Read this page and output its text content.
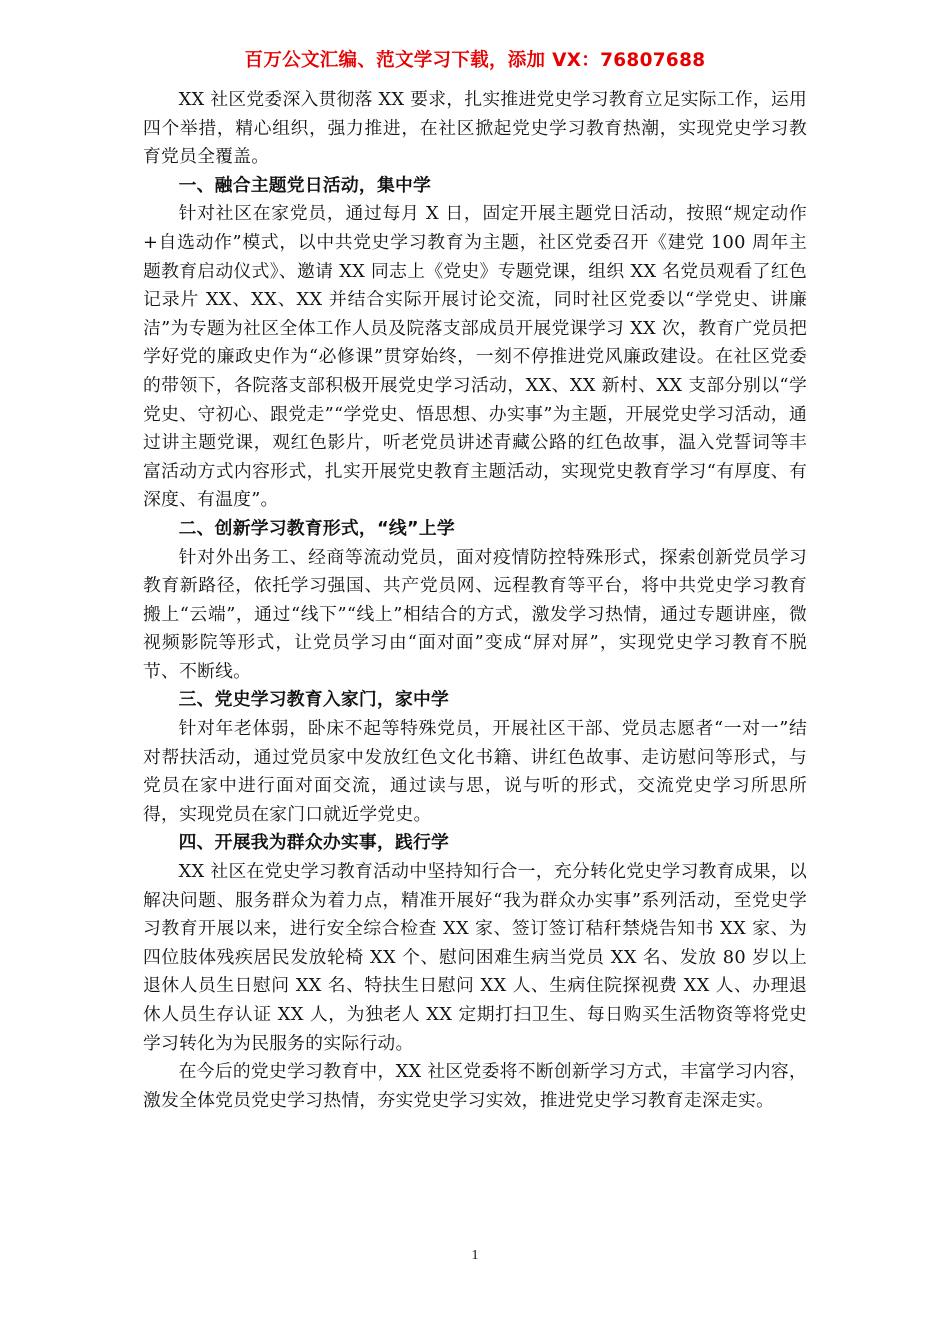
百万公文汇编、范文学习下载，添加 VX：76807688

XX 社区党委深入贯彻落 XX 要求，扎实推进党史学习教育立足实际工作，运用四个举措，精心组织，强力推进，在社区掀起党史学习教育热潮，实现党史学习教育党员全覆盖。

一、融合主题党日活动，集中学

针对社区在家党员，通过每月 X 日，固定开展主题党日活动，按照“规定动作+自选动作”模式，以中共党史学习教育为主题，社区党委召开《建党 100 周年主题教育启动仪式》、邀请 XX 同志上《党史》专题党课，组织 XX 名党员观看了红色记录片 XX、XX、XX 并结合实际开展讨论交流，同时社区党委以“学党史、讲廉洁”为专题为社区全体工作人员及院落支部成员开展党课学习 XX 次，教育广党员把学好党的廉政史作为“必修课”贯穿始终，一刻不停推进党风廉政建设。在社区党委的带领下，各院落支部积极开展党史学习活动，XX、XX 新村、XX 支部分别以“学党史、守初心、跟党走”“学党史、悟思想、办实事”为主题，开展党史学习活动，通过讲主题党课，观红色影片，听老党员讲述青藏公路的红色故事，温入党誓词等丰富活动方式内容形式，扎实开展党史教育主题活动，实现党史教育学习“有厚度、有深度、有温度”。

二、创新学习教育形式，“线”上学

针对外出务工、经商等流动党员，面对疫情防控特殊形式，探索创新党员学习教育新路径，依托学习强国、共产党员网、远程教育等平台，将中共党史学习教育搬上“云端”，通过“线下”“线上”相结合的方式，激发学习热情，通过专题讲座，微视频影院等形式，让党员学习由“面对面”变成“屏对屏”，实现党史学习教育不脱节、不断线。

三、党史学习教育入家门，家中学

针对年老体弱，卧床不起等特殊党员，开展社区干部、党员志愿者“一对一”结对帮扶活动，通过党员家中发放红色文化书籍、讲红色故事、走访慰问等形式，与党员在家中进行面对面交流，通过读与思，说与听的形式，交流党史学习所思所得，实现党员在家门口就近学党史。

四、开展我为群众办实事，践行学

XX 社区在党史学习教育活动中坚持知行合一，充分转化党史学习教育成果，以解决问题、服务群众为着力点，精准开展好“我为群众办实事”系列活动，至党史学习教育开展以来，进行安全综合检查 XX 家、签订签订秸秆禁烧告知书 XX 家、为四位肢体残疾居民发放轮椅 XX 个、慰问困难生病当党员 XX 名、发放 80 岁以上退休人员生日慰问 XX 名、特扶生日慰问 XX 人、生病住院探视费 XX 人、办理退休人员生存认证 XX 人，为独老人 XX 定期打扫卫生、每日购买生活物资等将党史学习转化为为民服务的实际行动。

在今后的党史学习教育中，XX 社区党委将不断创新学习方式，丰富学习内容，激发全体党员党史学习热情，夯实党史学习实效，推进党史学习教育走深走实。

1
